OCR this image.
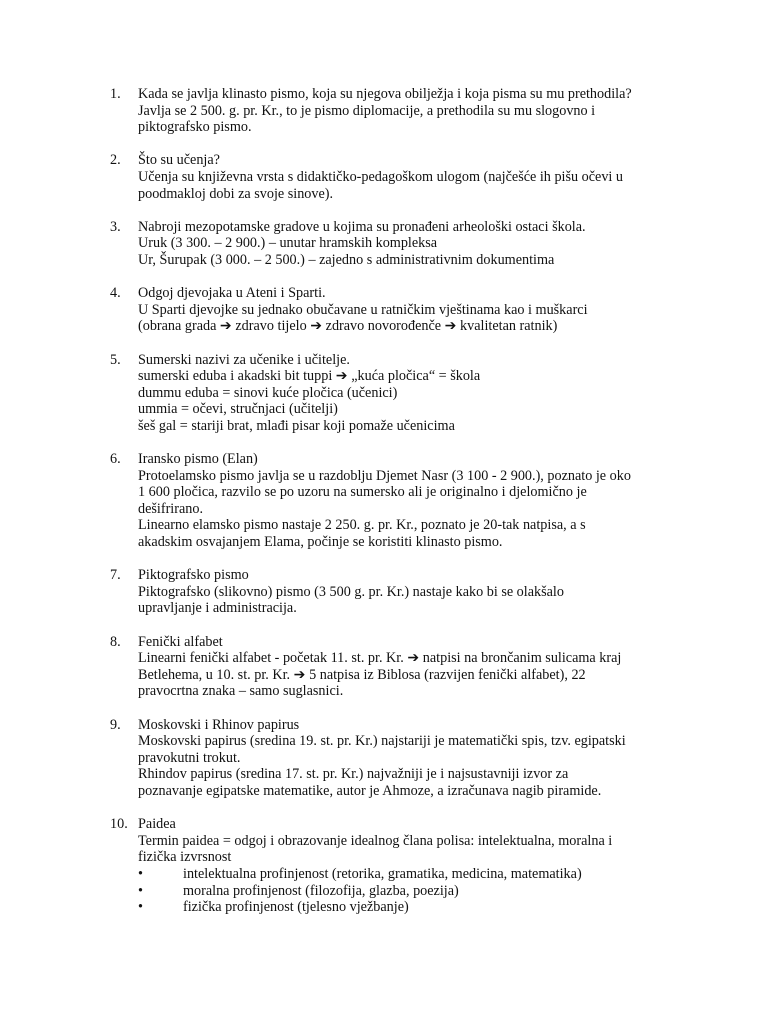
1.	Kada se javlja klinasto pismo, koja su njegova obilježja i koja pisma su mu prethodila?
Javlja se 2 500. g. pr. Kr., to je pismo diplomacije, a prethodila su mu slogovno i
piktografsko pismo.
2.	Što su učenja?
Učenja su književna vrsta s didaktičko-pedagoškom ulogom (najčešće ih pišu očevi u
poodmakloj dobi za svoje sinove).
3.	Nabroji mezopotamske gradove u kojima su pronađeni arheološki ostaci škola.
Uruk (3 300. – 2 900.) – unutar hramskih kompleksa
Ur, Šurupak (3 000. – 2 500.) – zajedno s administrativnim dokumentima
4.	Odgoj djevojaka u Ateni i Sparti.
U Sparti djevojke su jednako obučavane u ratničkim vještinama kao i muškarci
(obrana grada ➔ zdravo tijelo ➔ zdravo novorođenče ➔ kvalitetan ratnik)
5.	Sumerski nazivi za učenike i učitelje.
sumerski eduba i akadski bit tuppi ➔ „kuća pločica“ = škola
dummu eduba = sinovi kuće pločica (učenici)
ummia = očevi, stručnjaci (učitelji)
šeš gal = stariji brat, mlađi pisar koji pomaže učenicima
6.	Iransko pismo (Elan)
Protoelamsko pismo javlja se u razdoblju Djemet Nasr (3 100 - 2 900.), poznato je oko
1 600 pločica, razvilo se po uzoru na sumersko ali je originalno i djelomično je
dešifrirano.
Linearno elamsko pismo nastaje 2 250. g. pr. Kr., poznato je 20-tak natpisa, a s
akadskim osvajanjem Elama, počinje se koristiti klinasto pismo.
7.	Piktografsko pismo
Piktografsko (slikovno) pismo (3 500 g. pr. Kr.) nastaje kako bi se olakšalo
upravljanje i administracija.
8.	Fenički alfabet
Linearni fenički alfabet - početak 11. st. pr. Kr. ➔ natpisi na brončanim sulicama kraj
Betlehema, u 10. st. pr. Kr. ➔ 5 natpisa iz Biblosa (razvijen fenički alfabet), 22
pravocrtna znaka – samo suglasnici.
9.	Moskovski i Rhinov papirus
Moskovski papirus (sredina 19. st. pr. Kr.) najstariji je matematički spis, tzv. egipatski
pravokutni trokut.
Rhindov papirus (sredina 17. st. pr. Kr.) najvažniji je i najsustavniji izvor za
poznavanje egipatske matematike, autor je Ahmoze, a izračunava nagib piramide.
10. Paidea
Termin paidea = odgoj i obrazovanje idealnog člana polisa: intelektualna, moralna i
fizička izvrsnost
•	intelektualna profinjenost (retorika, gramatika, medicina, matematika)
•	moralna profinjenost (filozofija, glazba, poezija)
•	fizička profinjenost (tjelesno vježbanje)
